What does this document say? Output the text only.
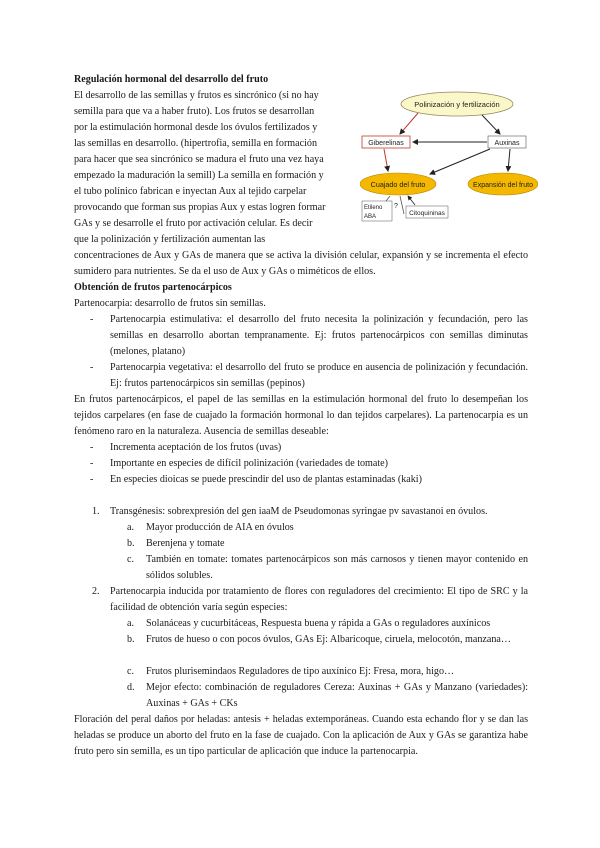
Regulación hormonal del desarrollo del fruto
El desarrollo de las semillas y frutos es sincrónico (si no hay
semilla para que va a haber fruto). Los frutos se desarrollan
por la estimulación hormonal desde los óvulos fertilizados y
las semillas en desarrollo. (hipertrofia, semilla en formación
para hacer que sea sincrónico se madura el fruto una vez haya
empezado la maduración la semill) La semilla en formación y
el tubo polínico fabrican e inyectan Aux al tejido carpelar
provocando que forman sus propias Aux y estas logren formar
GAs y se desarrolle el fruto por activación celular. Es decir
que la polinización y fertilización aumentan las
concentraciones de Aux y GAs de manera que se activa la división celular, expansión y se incrementa el efecto sumidero para nutrientes. Se da el uso de Aux y GAs o miméticos de ellos.
Polinización y fertilización
Giberelinas	Auxinas
Cuajado del fruto	Expansión del fruto
Etileno
ABA
?
Citoquininas
Obtención de frutos partenocárpicos
Partenocarpia: desarrollo de frutos sin semillas.
- Partenocarpia estimulativa: el desarrollo del fruto necesita la polinización y fecundación, pero las semillas en desarrollo abortan tempranamente. Ej: frutos partenocárpicos con semillas diminutas (melones, platano)
- Partenocarpia vegetativa: el desarrollo del fruto se produce en ausencia de polinización y fecundación. Ej: frutos partenocárpicos sin semillas (pepinos)
En frutos partenocárpicos, el papel de las semillas en la estimulación hormonal del fruto lo desempeñan los tejidos carpelares (en fase de cuajado la formación hormonal lo dan tejidos carpelares). La partenocarpia es un fenómeno raro en la naturaleza. Ausencia de semillas deseable:
- Incrementa aceptación de los frutos (uvas)
- Importante en especies de difícil polinización (variedades de tomate)
- En especies dioicas se puede prescindir del uso de plantas estaminadas (kaki)
1. Transgénesis: sobrexpresión del gen iaaM de Pseudomonas syringae pv savastanoi en óvulos.
a. Mayor producción de AIA en óvulos
b. Berenjena y tomate
c. También en tomate: tomates partenocárpicos son más carnosos y tienen mayor contenido en sólidos solubles.
2. Partenocarpia inducida por tratamiento de flores con reguladores del crecimiento: El tipo de SRC y la facilidad de obtención varía según especies:
a. Solanáceas y cucurbitáceas, Respuesta buena y rápida a GAs o reguladores auxínicos
b. Frutos de hueso o con pocos óvulos, GAs Ej: Albaricoque, ciruela, melocotón, manzana…
c. Frutos plurisemindaos Reguladores de tipo auxínico Ej: Fresa, mora, higo…
d. Mejor efecto: combinación de reguladores Cereza: Auxinas + GAs y Manzano (variedades): Auxinas + GAs + CKs
Floración del peral daños por heladas: antesis + heladas extemporáneas. Cuando esta echando flor y se dan las heladas se produce un aborto del fruto en la fase de cuajado. Con la aplicación de Aux y GAs se garantiza habe fruto pero sin semilla, es un tipo particular de aplicación que induce la partenocarpia.
